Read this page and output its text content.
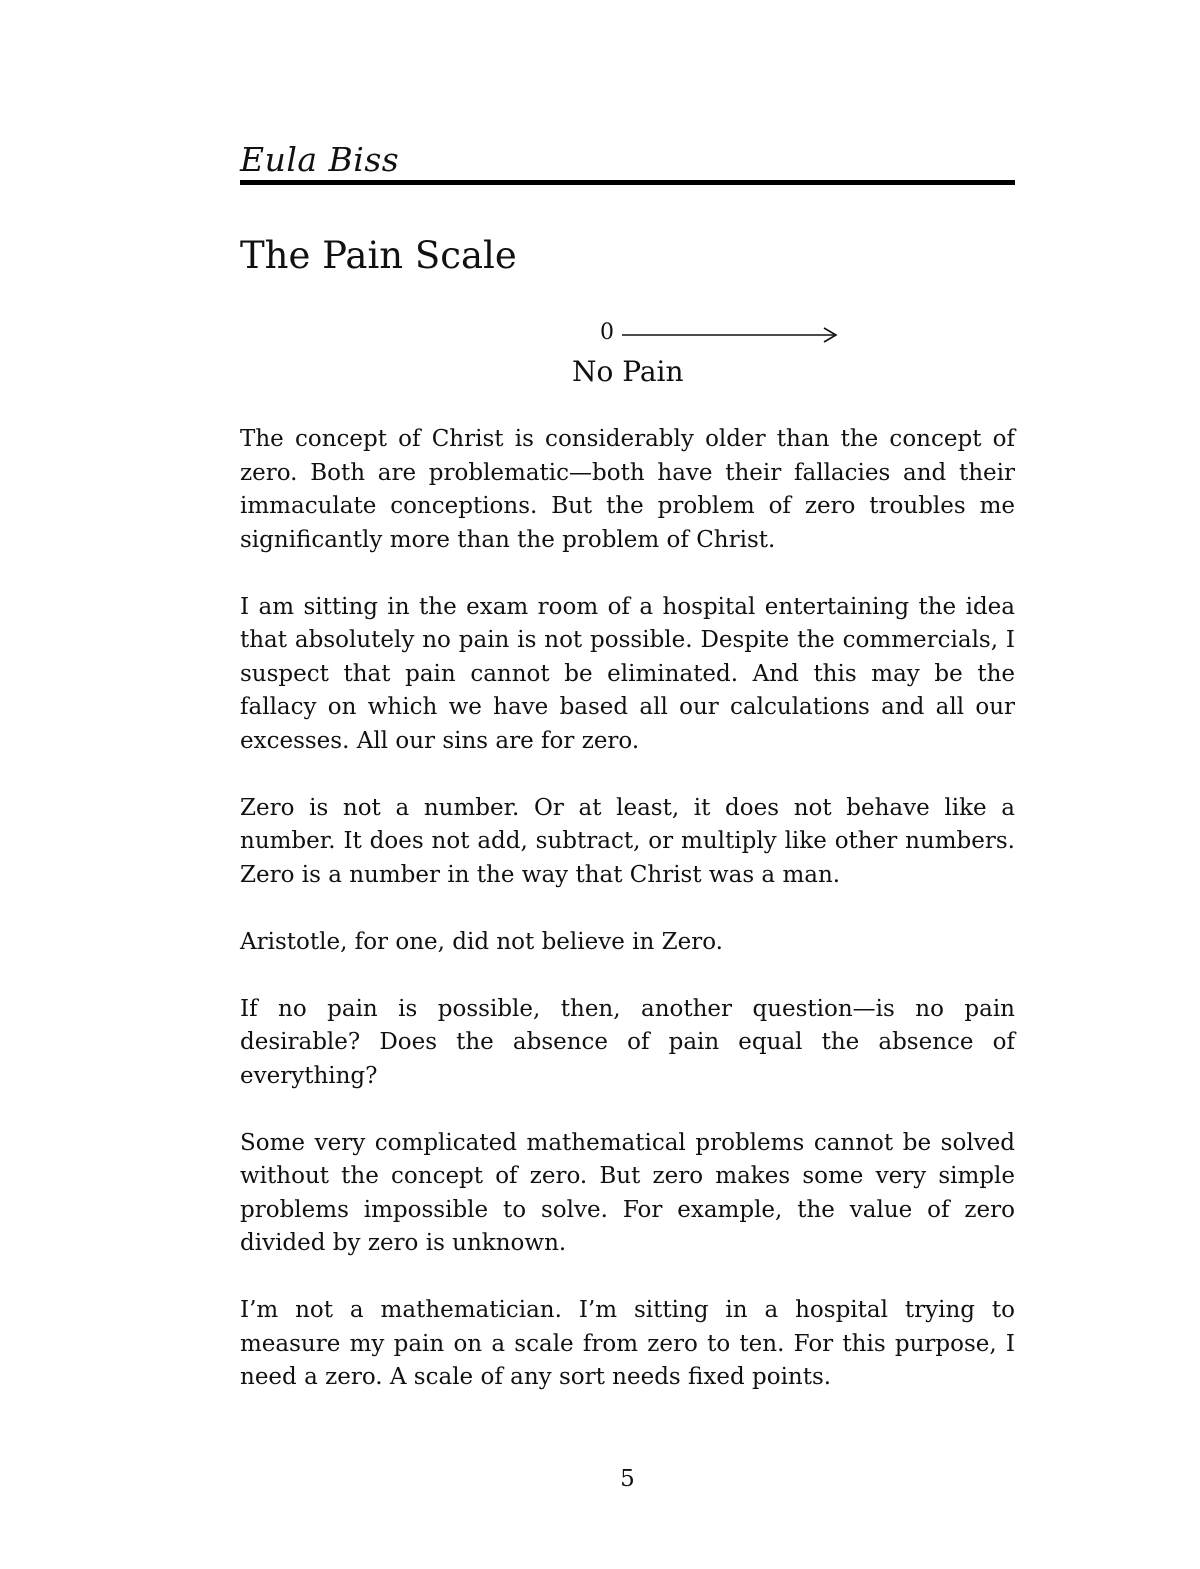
Eula Biss
The Pain Scale
0
No Pain

The concept of Christ is considerably older than the concept of zero. Both are problematic—both have their fallacies and their immaculate conceptions. But the problem of zero troubles me significantly more than the problem of Christ.

I am sitting in the exam room of a hospital entertaining the idea that absolutely no pain is not possible. Despite the commercials, I suspect that pain cannot be eliminated. And this may be the fallacy on which we have based all our calculations and all our excesses. All our sins are for zero.

Zero is not a number. Or at least, it does not behave like a number. It does not add, subtract, or multiply like other numbers. Zero is a number in the way that Christ was a man.

Aristotle, for one, did not believe in Zero.

If no pain is possible, then, another question—is no pain desirable? Does the absence of pain equal the absence of everything?

Some very complicated mathematical problems cannot be solved without the concept of zero. But zero makes some very simple problems impossible to solve. For example, the value of zero divided by zero is unknown.

I’m not a mathematician. I’m sitting in a hospital trying to measure my pain on a scale from zero to ten. For this purpose, I need a zero. A scale of any sort needs fixed points.

5
